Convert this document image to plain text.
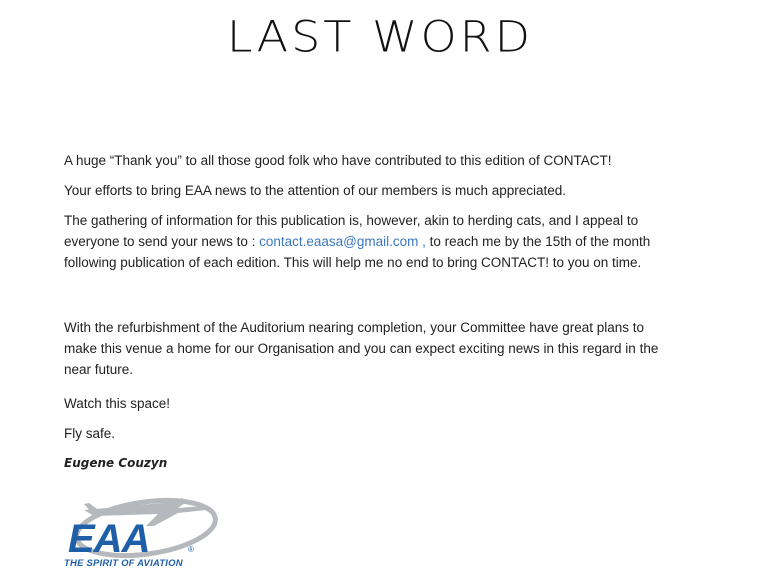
LAST WORD

A huge “Thank you” to all those good folk who have contributed to this edition of CONTACT!

Your efforts to bring EAA news to the attention of our members is much appreciated.

The gathering of information for this publication is, however, akin to herding cats, and I appeal to

everyone to send your news to : contact.eaasa@gmail.com , to reach me by the 15th of the month

following publication of each edition. This will help me no end to bring CONTACT! to you on time.

With the refurbishment of the Auditorium nearing completion, your Committee have great plans to

make this venue a home for our Organisation and you can expect exciting news in this regard in the

near future.

Watch this space!

Fly safe.

Eugene Couzyn
EAA	®
THE SPIRIT OF AVIATION
